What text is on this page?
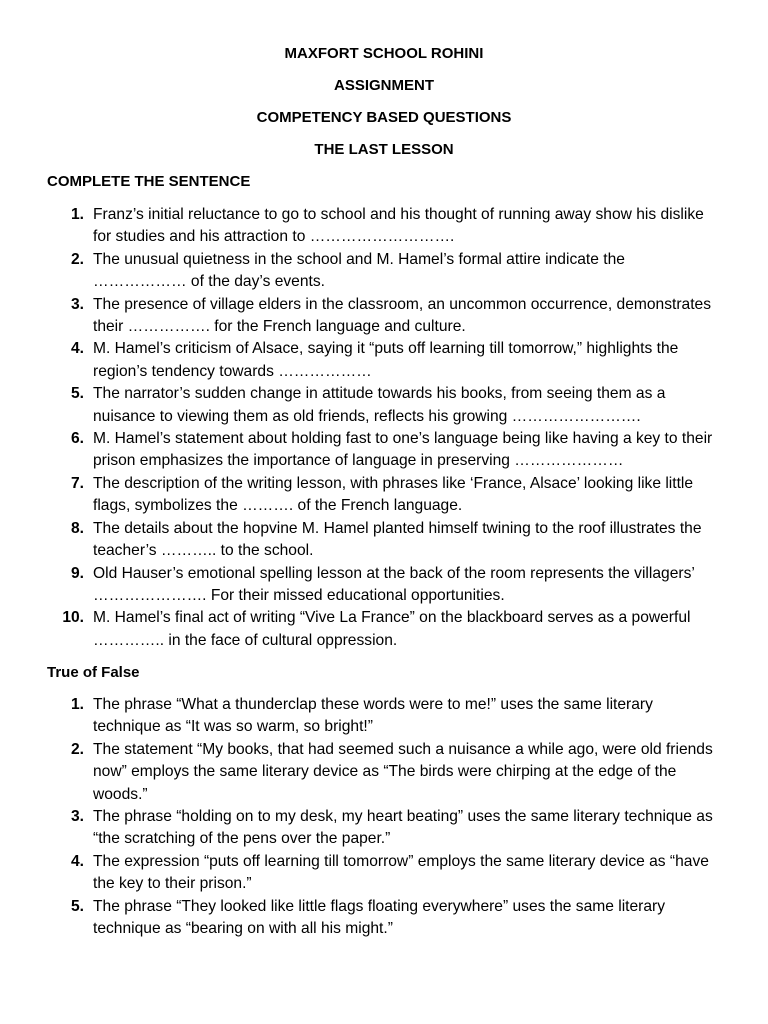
MAXFORT SCHOOL ROHINI
ASSIGNMENT
COMPETENCY BASED QUESTIONS
THE LAST LESSON
COMPLETE THE SENTENCE
1. Franz’s initial reluctance to go to school and his thought of running away show his dislike for studies and his attraction to ……………………….
2. The unusual quietness in the school and M. Hamel’s formal attire indicate the ……………… of the day’s events.
3. The presence of village elders in the classroom, an uncommon occurrence, demonstrates their ……………. for the French language and culture.
4. M. Hamel’s criticism of Alsace, saying it “puts off learning till tomorrow,” highlights the region’s tendency towards ………………
5. The narrator’s sudden change in attitude towards his books, from seeing them as a nuisance to viewing them as old friends, reflects his growing …………………….
6. M. Hamel’s statement about holding fast to one’s language being like having a key to their prison emphasizes the importance of language in preserving …………………
7. The description of the writing lesson, with phrases like ‘France, Alsace’ looking like little flags, symbolizes the ………. of the French language.
8. The details about the hopvine M. Hamel planted himself twining to the roof illustrates the teacher’s ……….. to the school.
9. Old Hauser’s emotional spelling lesson at the back of the room represents the villagers’ …………………. For their missed educational opportunities.
10. M. Hamel’s final act of writing “Vive La France” on the blackboard serves as a powerful ………….. in the face of cultural oppression.
True of False
1. The phrase “What a thunderclap these words were to me!” uses the same literary technique as “It was so warm, so bright!”
2. The statement “My books, that had seemed such a nuisance a while ago, were old friends now” employs the same literary device as “The birds were chirping at the edge of the woods.”
3. The phrase “holding on to my desk, my heart beating” uses the same literary technique as “the scratching of the pens over the paper.”
4. The expression “puts off learning till tomorrow” employs the same literary device as “have the key to their prison.”
5. The phrase “They looked like little flags floating everywhere” uses the same literary technique as “bearing on with all his might.”
